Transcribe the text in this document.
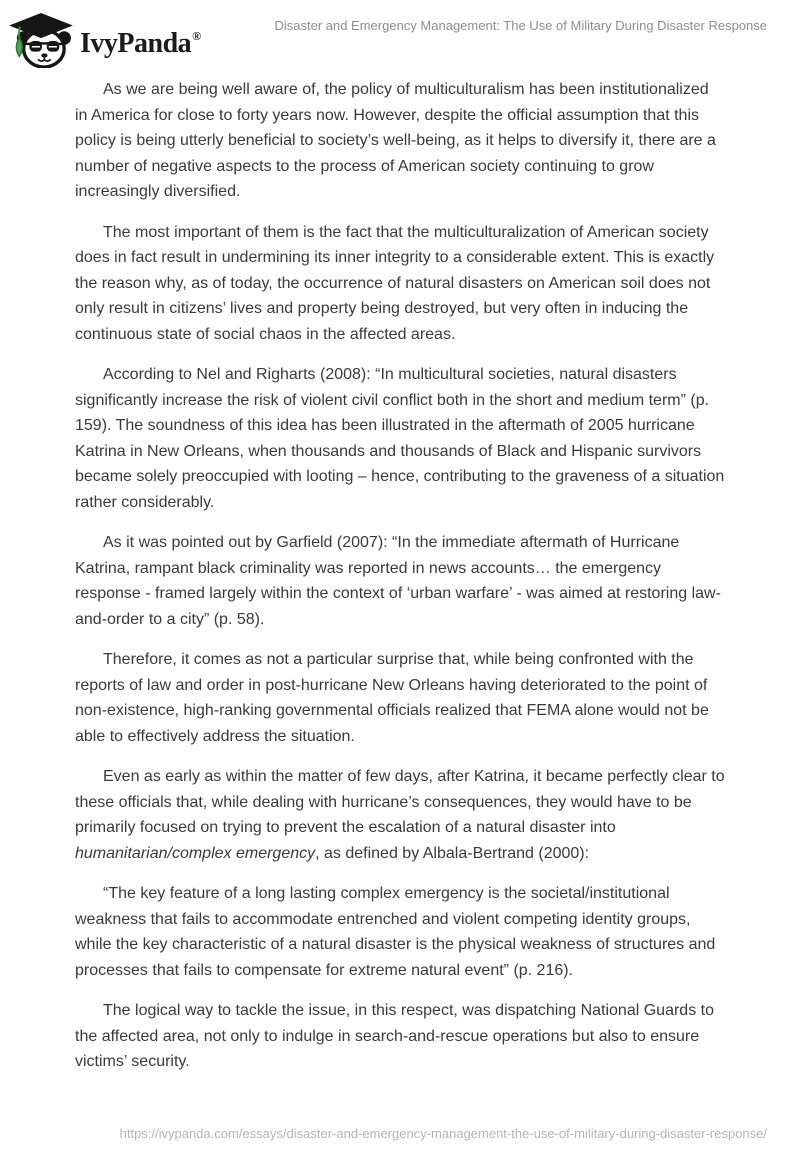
IvyPanda®
Disaster and Emergency Management: The Use of Military During Disaster Response

As we are being well aware of, the policy of multiculturalism has been institutionalized in America for close to forty years now. However, despite the official assumption that this policy is being utterly beneficial to society’s well-being, as it helps to diversify it, there are a number of negative aspects to the process of American society continuing to grow increasingly diversified.

The most important of them is the fact that the multiculturalization of American society does in fact result in undermining its inner integrity to a considerable extent. This is exactly the reason why, as of today, the occurrence of natural disasters on American soil does not only result in citizens’ lives and property being destroyed, but very often in inducing the continuous state of social chaos in the affected areas.

According to Nel and Righarts (2008): “In multicultural societies, natural disasters significantly increase the risk of violent civil conflict both in the short and medium term” (p. 159). The soundness of this idea has been illustrated in the aftermath of 2005 hurricane Katrina in New Orleans, when thousands and thousands of Black and Hispanic survivors became solely preoccupied with looting – hence, contributing to the graveness of a situation rather considerably.

As it was pointed out by Garfield (2007): “In the immediate aftermath of Hurricane Katrina, rampant black criminality was reported in news accounts… the emergency response - framed largely within the context of ‘urban warfare’ - was aimed at restoring law-and-order to a city” (p. 58).

Therefore, it comes as not a particular surprise that, while being confronted with the reports of law and order in post-hurricane New Orleans having deteriorated to the point of non-existence, high-ranking governmental officials realized that FEMA alone would not be able to effectively address the situation.

Even as early as within the matter of few days, after Katrina, it became perfectly clear to these officials that, while dealing with hurricane’s consequences, they would have to be primarily focused on trying to prevent the escalation of a natural disaster into humanitarian/complex emergency, as defined by Albala-Bertrand (2000):

“The key feature of a long lasting complex emergency is the societal/institutional weakness that fails to accommodate entrenched and violent competing identity groups, while the key characteristic of a natural disaster is the physical weakness of structures and processes that fails to compensate for extreme natural event” (p. 216).

The logical way to tackle the issue, in this respect, was dispatching National Guards to the affected area, not only to indulge in search-and-rescue operations but also to ensure victims’ security.

https://ivypanda.com/essays/disaster-and-emergency-management-the-use-of-military-during-disaster-response/
